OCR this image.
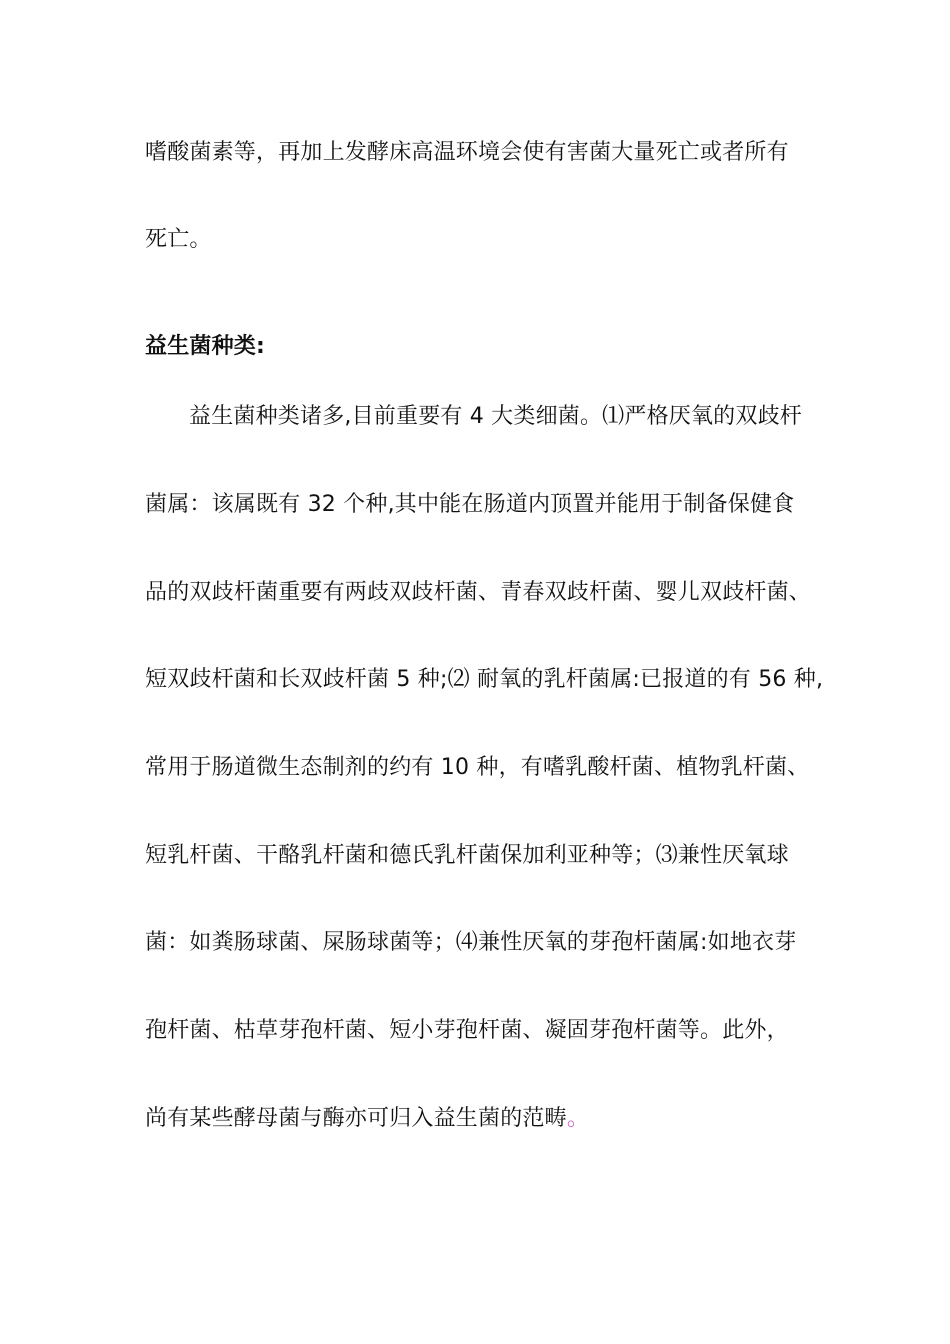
嗜酸菌素等，再加上发酵床高温环境会使有害菌大量死亡或者所有
死亡。
益生菌种类:
益生菌种类诸多,目前重要有 4 大类细菌。⑴严格厌氧的双歧杆
菌属：该属既有 32 个种,其中能在肠道内顶置并能用于制备保健食
品的双歧杆菌重要有两歧双歧杆菌、青春双歧杆菌、婴儿双歧杆菌、
短双歧杆菌和长双歧杆菌 5 种;⑵ 耐氧的乳杆菌属:已报道的有 56 种,
常用于肠道微生态制剂的约有 10 种，有嗜乳酸杆菌、植物乳杆菌、
短乳杆菌、干酪乳杆菌和德氏乳杆菌保加利亚种等；⑶兼性厌氧球
菌：如粪肠球菌、屎肠球菌等；⑷兼性厌氧的芽孢杆菌属:如地衣芽
孢杆菌、枯草芽孢杆菌、短小芽孢杆菌、凝固芽孢杆菌等。此外，
尚有某些酵母菌与酶亦可归入益生菌的范畴。
